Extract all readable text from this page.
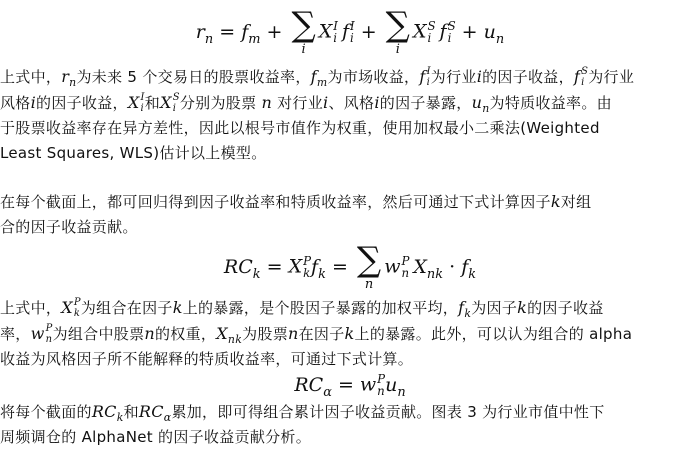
$r_n = f_m$ + ∑
i
X I
i f I
i + ∑
i
X S
i f S
$i + u_n$
上式中，$r_n$为未来 5 个交易日的股票收益率，$f_m$为市场收益，f I
i 为行业i的因子收益，f S
i 为行业
风格i的因子收益，X I
i 和X S
i 分别为股票 n 对行业i、风格i的因子暴露，$u_n$为特质收益率。由
于股票收益率存在异方差性，因此以根号市值作为权重，使用加权最小二乘法(Weighted
Least Squares, WLS)估计以上模型。
在每个截面上，都可回归得到因子收益率和特质收益率，然后可通过下式计算因子k对组
合的因子收益贡献。
$RC_k = X$ P
k $f_k$ = ∑
n
w P
n $X_{nk} \cdot f_k$
上式中，X P
k 为组合在因子k上的暴露，是个股因子暴露的加权平均，$f_k$为因子k的因子收益
率，w P
n 为组合中股票n的权重，$X_{nk}$为股票n在因子k上的暴露。此外，可以认为组合的 alpha
收益为风格因子所不能解释的特质收益率，可通过下式计算。
$RC_\alpha = w$ P
n $u_n$
将每个截面的$RC_k$和$RC_\alpha$累加，即可得组合累计因子收益贡献。图表 3 为行业市值中性下
周频调仓的 AlphaNet 的因子收益贡献分析。
